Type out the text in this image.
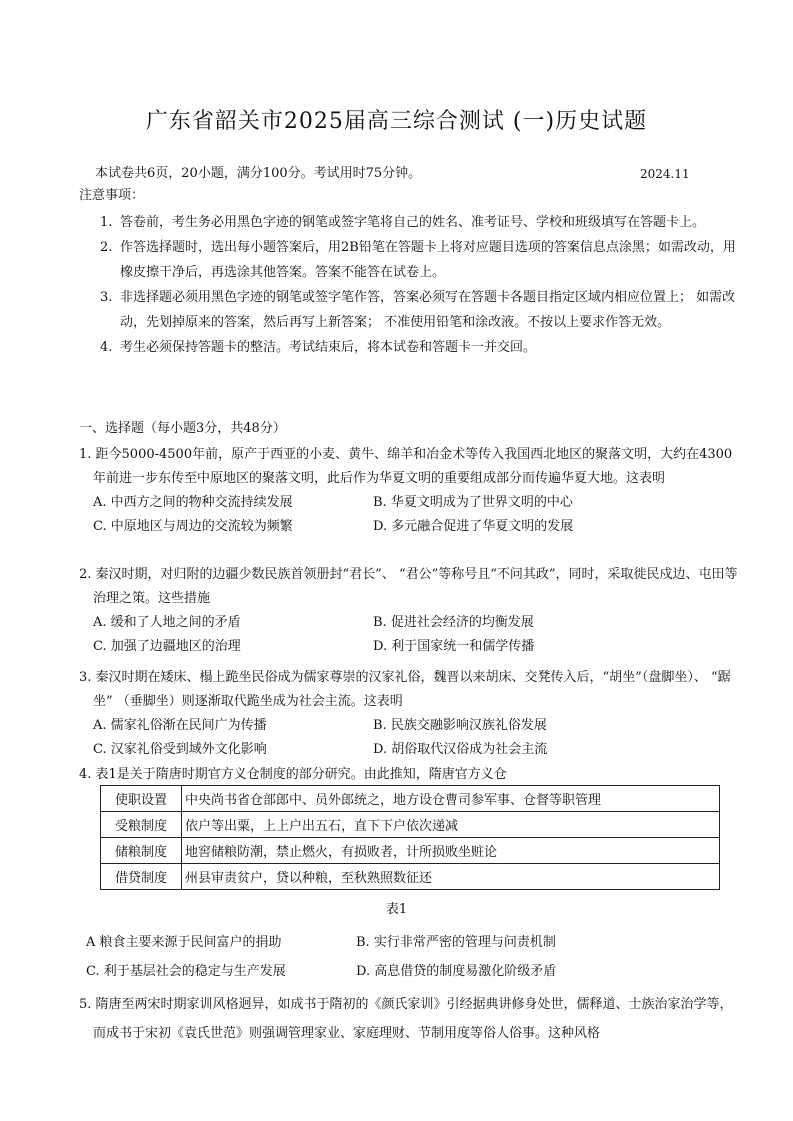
广东省韶关市2025届高三综合测试 (一)历史试题
本试卷共6页，20小题，满分100分。考试用时75分钟。	2024.11
注意事项：
1. 答卷前，考生务必用黑色字迹的钢笔或签字笔将自己的姓名、准考证号、学校和班级填写在答题卡上。
2. 作答选择题时，选出每小题答案后，用2B铅笔在答题卡上将对应题目选项的答案信息点涂黑；如需改动，用橡皮擦干净后，再选涂其他答案。答案不能答在试卷上。
3. 非选择题必须用黑色字迹的钢笔或签字笔作答，答案必须写在答题卡各题目指定区域内相应位置上； 如需改动，先划掉原来的答案，然后再写上新答案； 不准使用铅笔和涂改液。不按以上要求作答无效。
4. 考生必须保持答题卡的整洁。考试结束后，将本试卷和答题卡一并交回。
一、选择题（每小题3分，共48分）
1. 距今5000-4500年前，原产于西亚的小麦、黄牛、绵羊和冶金术等传入我国西北地区的聚落文明，大约在4300年前进一步东传至中原地区的聚落文明，此后作为华夏文明的重要组成部分而传遍华夏大地。这表明
A. 中西方之间的物种交流持续发展	B. 华夏文明成为了世界文明的中心
C. 中原地区与周边的交流较为频繁	D. 多元融合促进了华夏文明的发展
2. 秦汉时期，对归附的边疆少数民族首领册封“君长”、 “君公”等称号且“不问其政”，同时，采取徙民戍边、屯田等治理之策。这些措施
A. 缓和了人地之间的矛盾	B. 促进社会经济的均衡发展
C. 加强了边疆地区的治理	D. 利于国家统一和儒学传播
3. 秦汉时期在矮床、榻上跪坐民俗成为儒家尊崇的汉家礼俗，魏晋以来胡床、交凳传入后，“胡坐”（盘脚坐）、 “踞坐” （垂脚坐）则逐渐取代跪坐成为社会主流。这表明
A. 儒家礼俗渐在民间广为传播	B. 民族交融影响汉族礼俗发展
C. 汉家礼俗受到域外文化影响	D. 胡俗取代汉俗成为社会主流
4. 表1是关于隋唐时期官方义仓制度的部分研究。由此推知，隋唐官方义仓
使职设置	中央尚书省仓部郎中、员外郎统之，地方设仓曹司参军事、仓督等职管理
受粮制度	依户等出粟，上上户出五石，直下下户依次递减
储粮制度	地窖储粮防潮，禁止燃火，有损败者，计所损败坐赃论
借贷制度	州县审责贫户，贷以种粮，至秋熟照数征还
表1
A 粮食主要来源于民间富户的捐助	B. 实行非常严密的管理与问责机制
C. 利于基层社会的稳定与生产发展	D. 高息借贷的制度易激化阶级矛盾
5. 隋唐至两宋时期家训风格迥异，如成书于隋初的《颜氏家训》引经据典讲修身处世，儒释道、士族治家治学等，而成书于宋初《袁氏世范》则强调管理家业、家庭理财、节制用度等俗人俗事。这种风格
